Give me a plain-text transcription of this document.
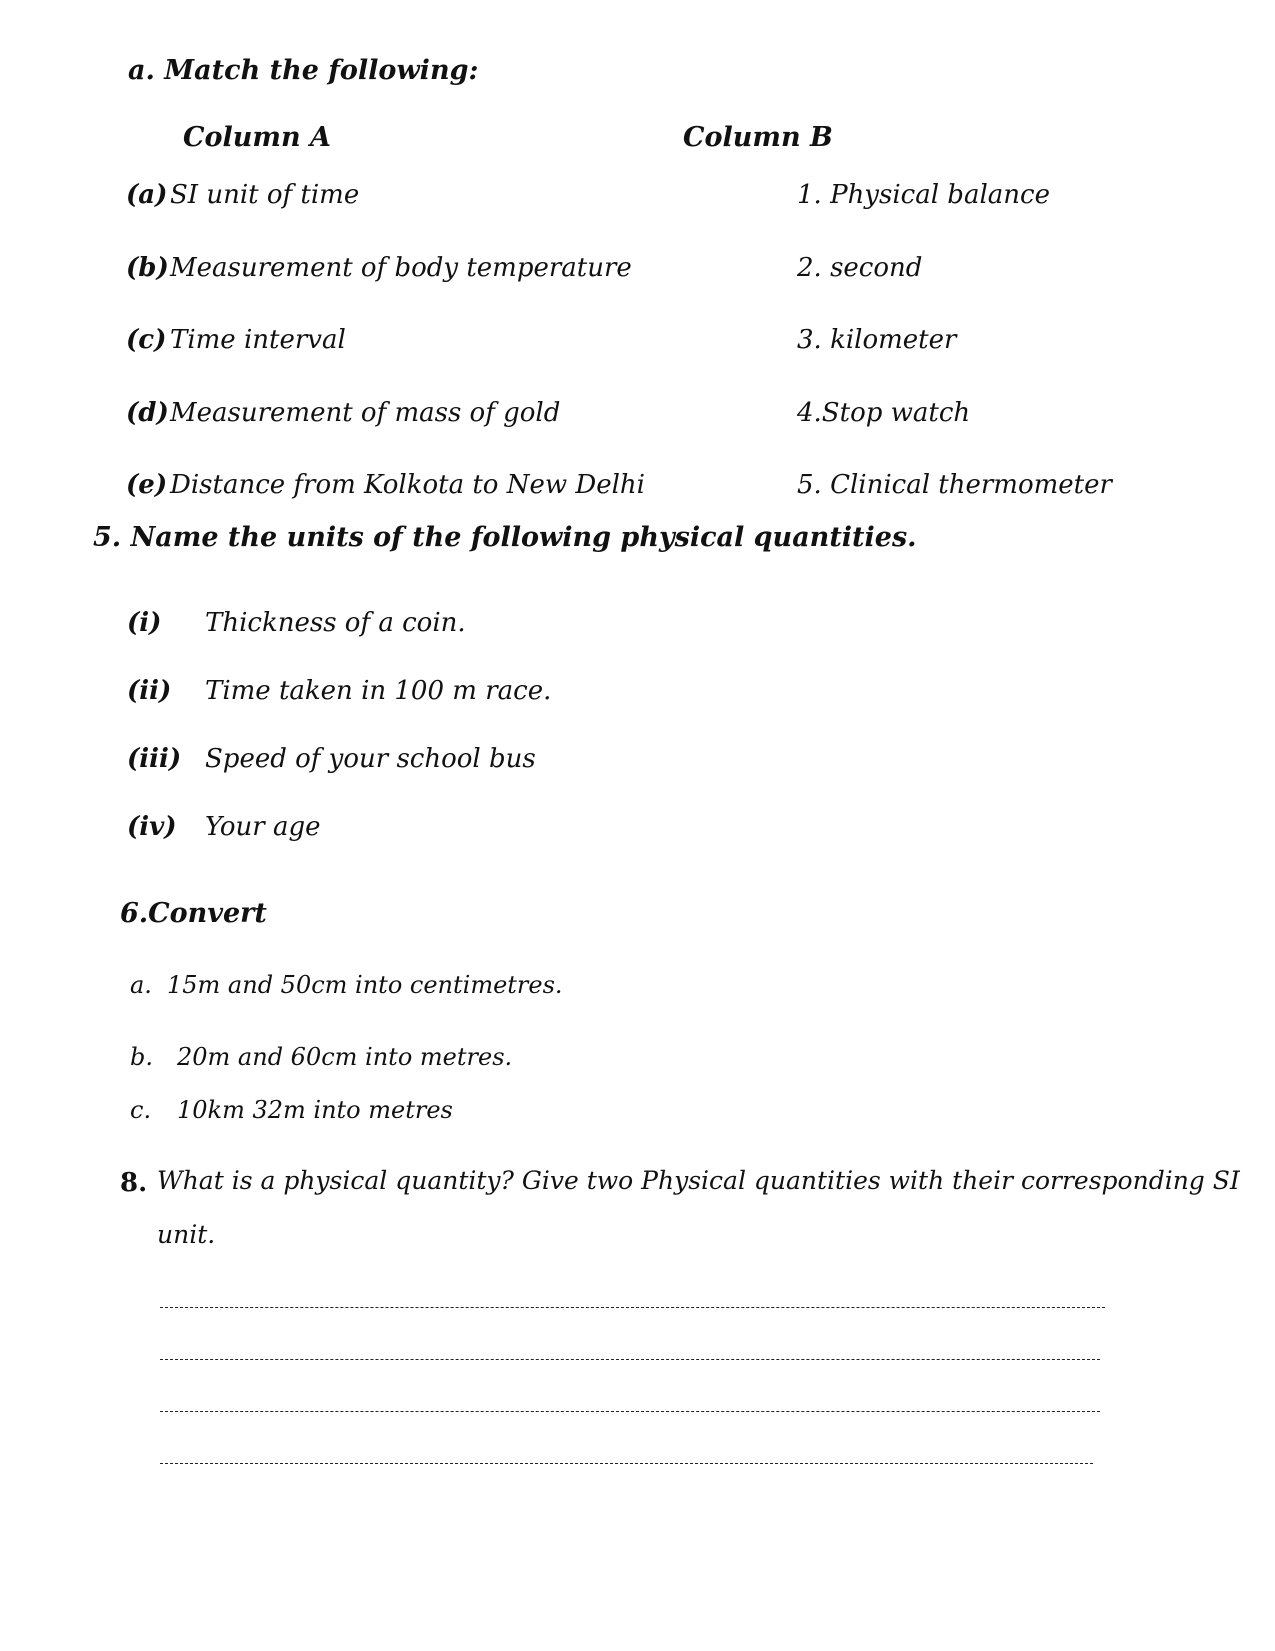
a. Match the following:
Column A	Column B
(a) SI unit of time	1. Physical balance
(b) Measurement of body temperature	2. second
(c) Time interval	3. kilometer
(d) Measurement of mass of gold	4.Stop watch
(e) Distance from Kolkota to New Delhi	5. Clinical thermometer
5. Name the units of the following physical quantities.
(i) Thickness of a coin.
(ii) Time taken in 100 m race.
(iii) Speed of your school bus
(iv) Your age
6.Convert
a. 15m and 50cm into centimetres.
b. 20m and 60cm into metres.
c. 10km 32m into metres
8. What is a physical quantity? Give two Physical quantities with their corresponding SI
unit.
